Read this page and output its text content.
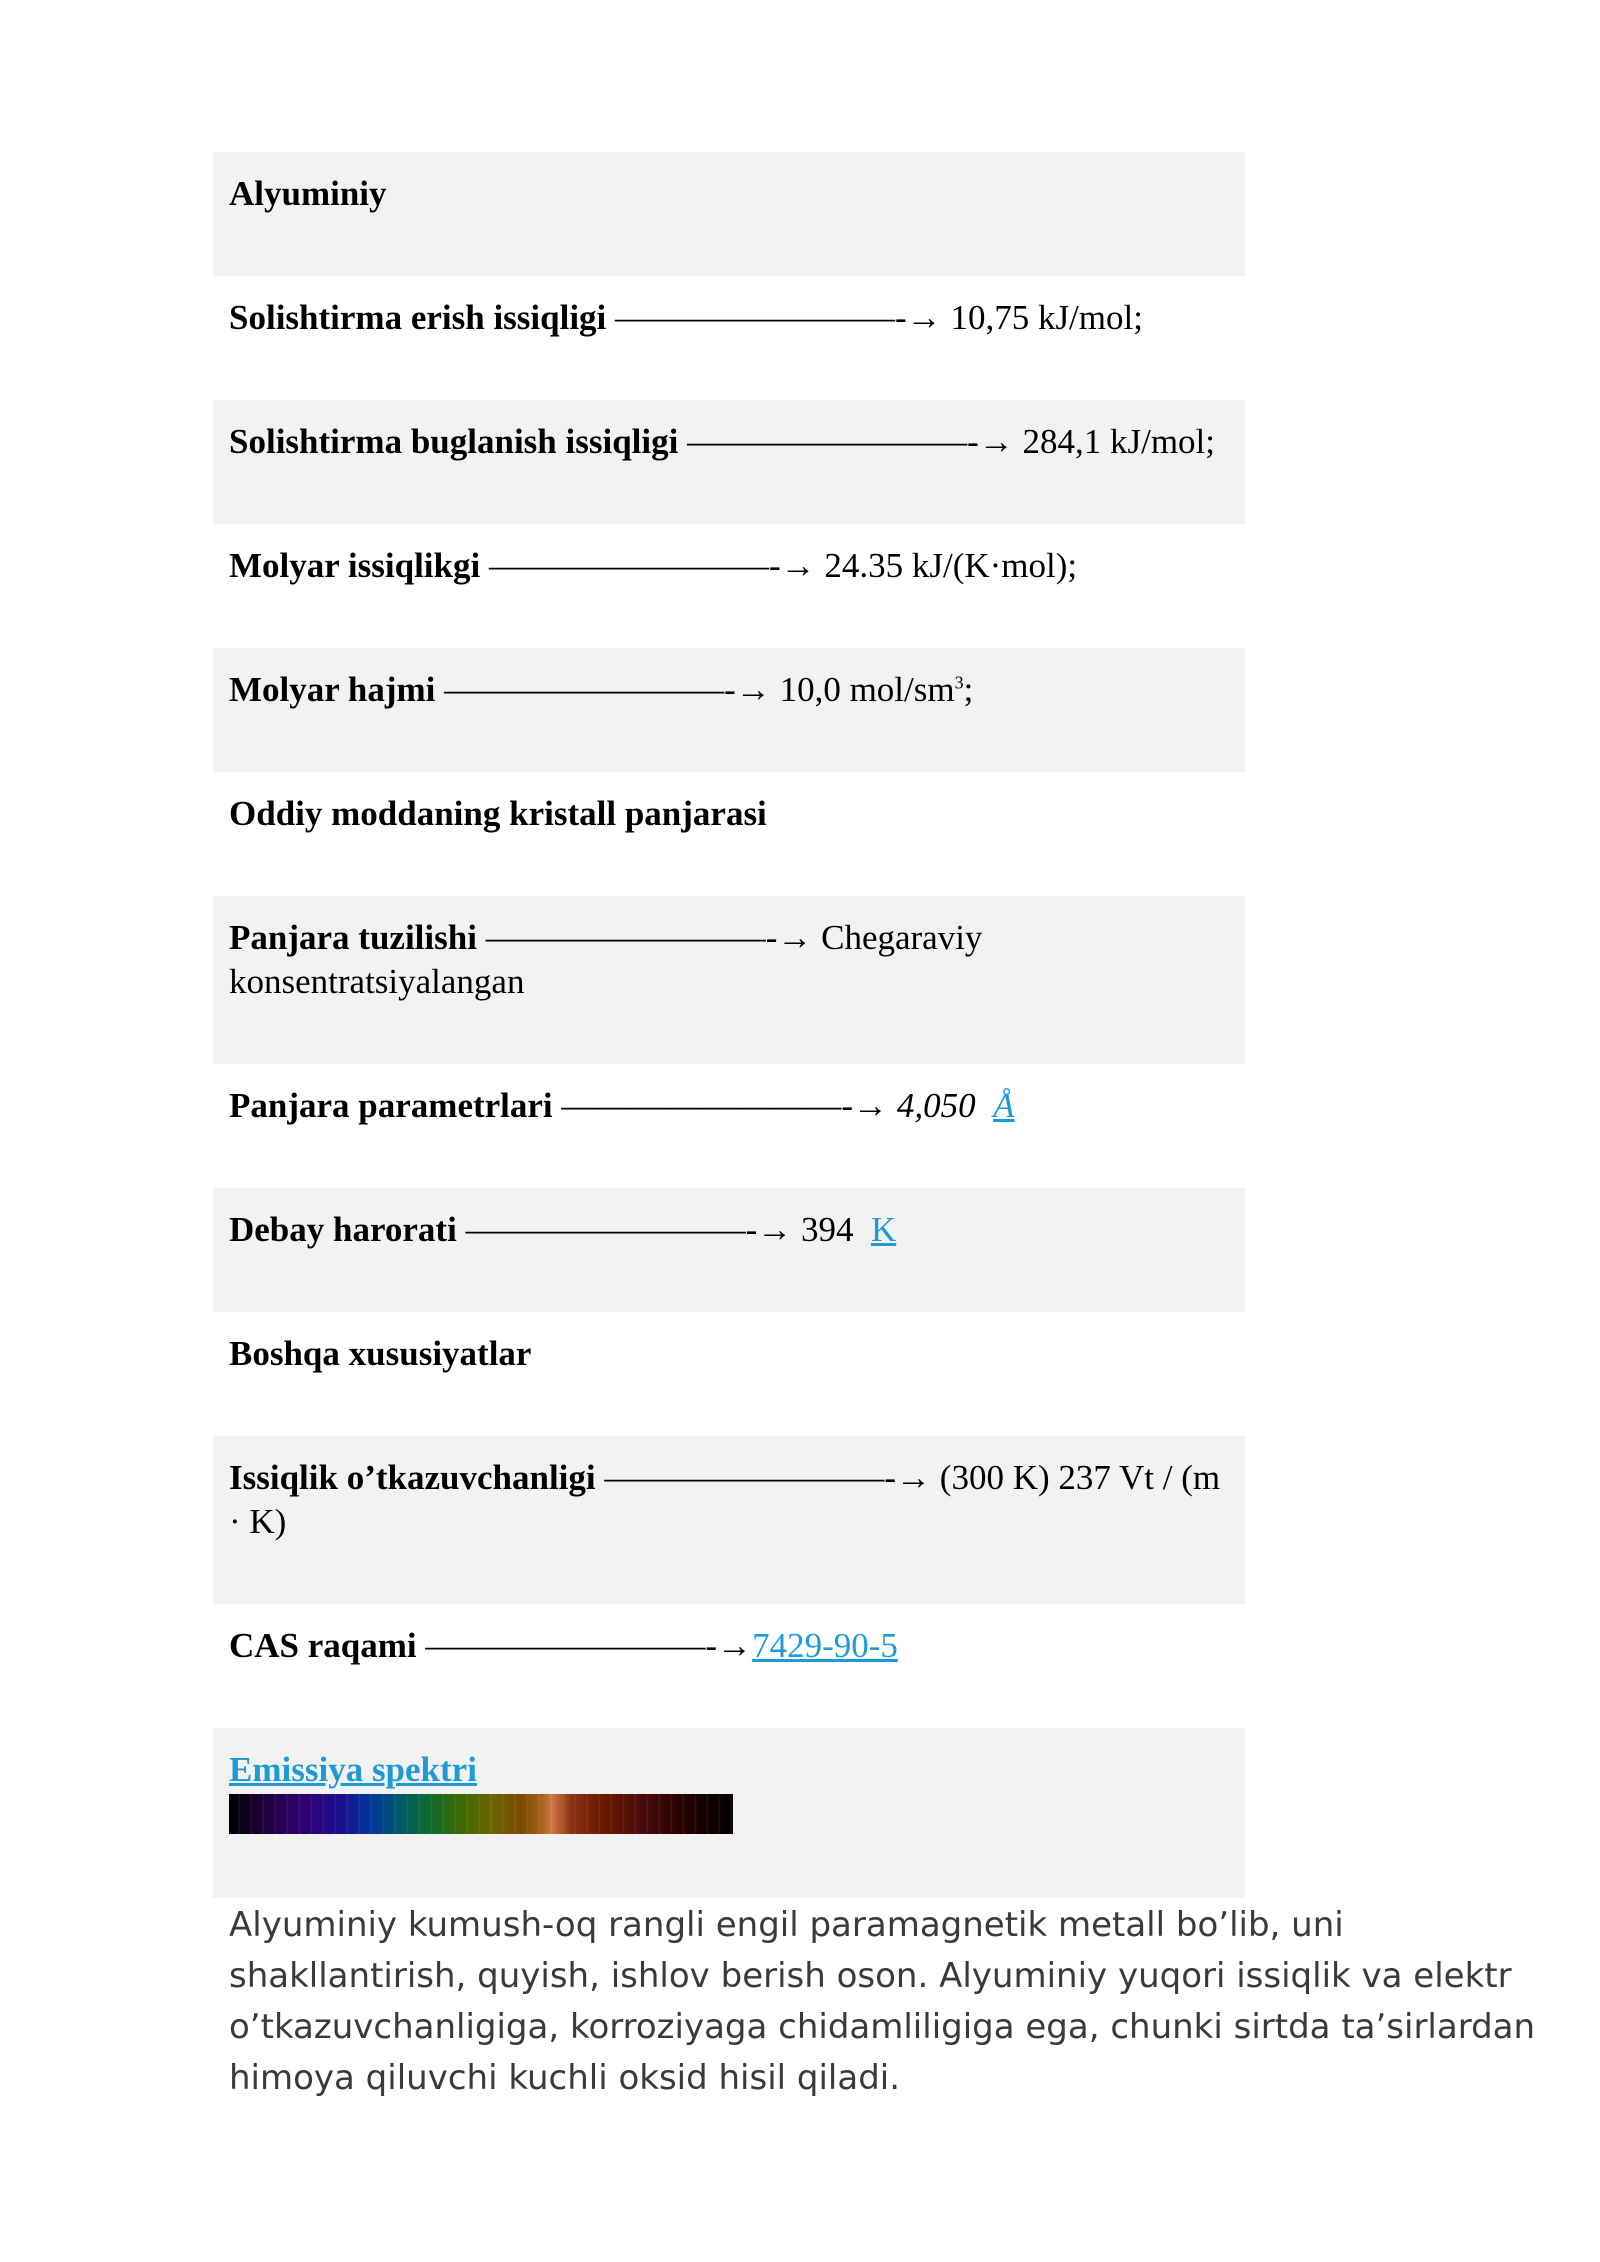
Alyuminiy
Solishtirma erish issiqligi ————————-→ 10,75 kJ/mol;
Solishtirma buglanish issiqligi ————————-→ 284,1 kJ/mol;
Molyar issiqlikgi ————————-→ 24.35 kJ/(K·mol);
Molyar hajmi ————————-→ 10,0 mol/$sm^3$;
Oddiy moddaning kristall panjarasi
Panjara tuzilishi ————————-→ Chegaraviy konsentratsiyalangan
Panjara parametrlari ————————-→ 4,050 Å
Debay harorati ————————-→ 394 K
Boshqa xususiyatlar
Issiqlik o’tkazuvchanligi ————————-→ (300 K) 237 Vt / (m · K)
CAS raqami ————————-→7429-90-5
Emissiya spektri
Alyuminiy kumush-oq rangli engil paramagnetik metall bo’lib, uni shakllantirish, quyish, ishlov berish oson. Alyuminiy yuqori issiqlik va elektr o’tkazuvchanligiga, korroziyaga chidamliligiga ega, chunki sirtda ta’sirlardan himoya qiluvchi kuchli oksid hisil qiladi.
